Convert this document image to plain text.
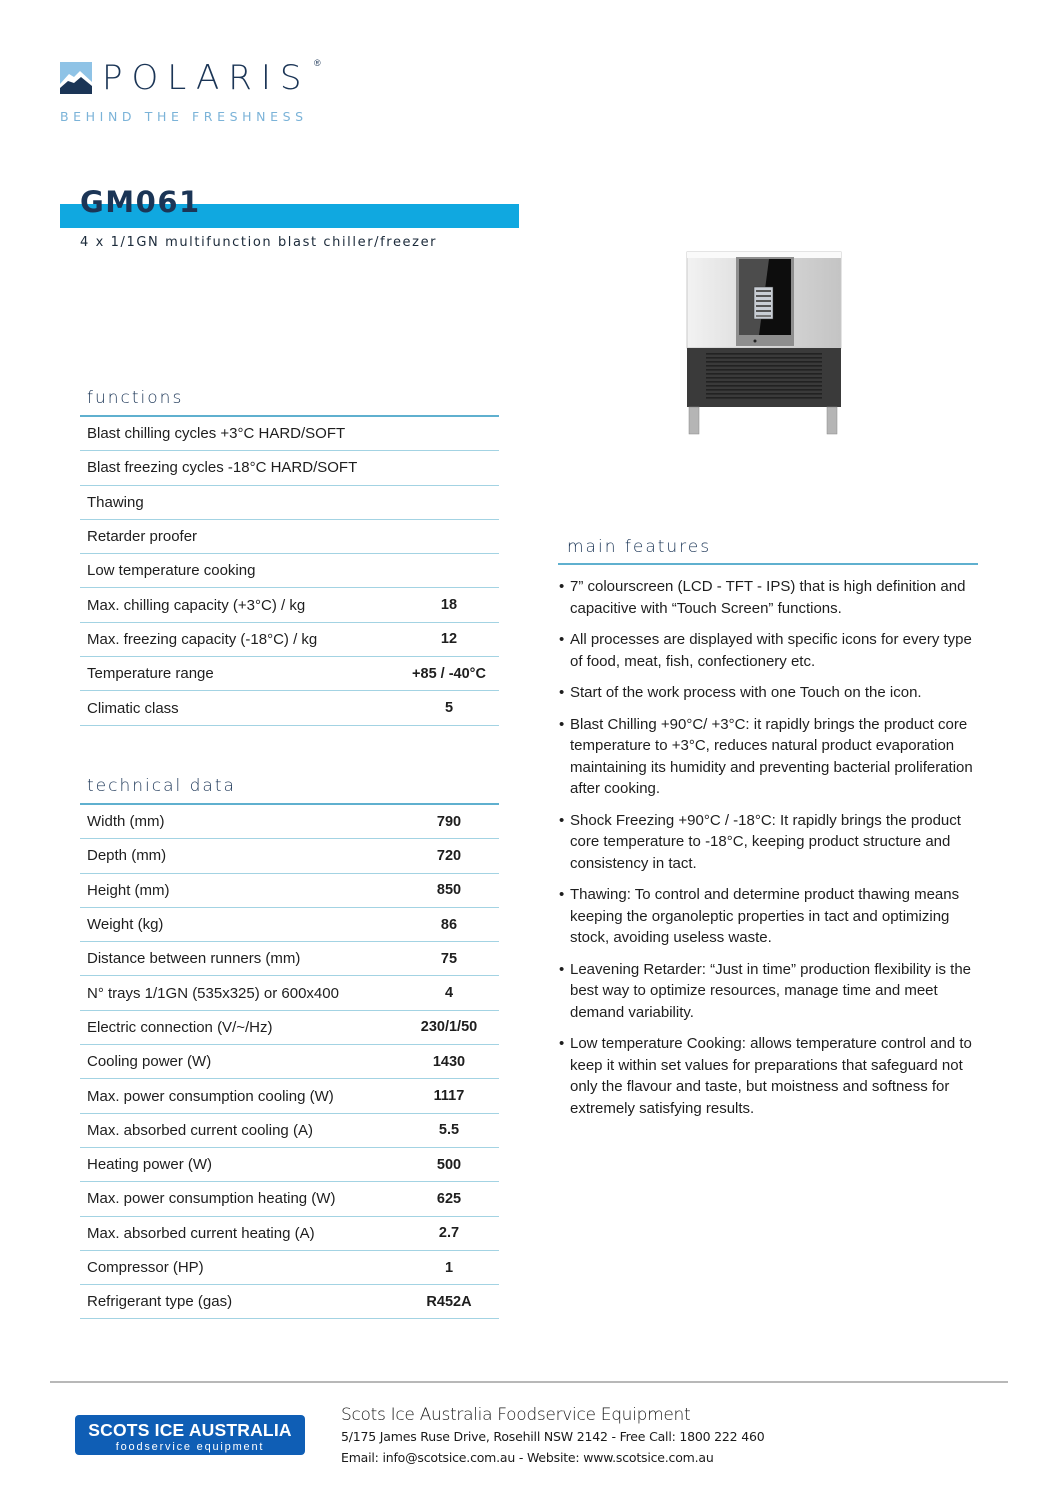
POLARIS ®
BEHIND THE FRESHNESS
GM061
4 x 1/1GN multifunction blast chiller/freezer
functions
Blast chilling cycles +3°C HARD/SOFT
Blast freezing cycles -18°C HARD/SOFT
Thawing
Retarder proofer
Low temperature cooking
Max. chilling capacity (+3°C) / kg	18
Max. freezing capacity (-18°C) / kg	12
Temperature range	+85 / -40°C
Climatic class	5
technical data
Width (mm)	790
Depth (mm)	720
Height (mm)	850
Weight (kg)	86
Distance between runners (mm)	75
N° trays 1/1GN (535x325) or 600x400	4
Electric connection (V/~/Hz)	230/1/50
Cooling power (W)	1430
Max. power consumption cooling (W)	1117
Max. absorbed current cooling (A)	5.5
Heating power (W)	500
Max. power consumption heating (W)	625
Max. absorbed current heating (A)	2.7
Compressor (HP)	1
Refrigerant type (gas)	R452A
main features
• 7” colourscreen (LCD - TFT - IPS) that is high definition and capacitive with “Touch Screen” functions.
• All processes are displayed with specific icons for every type of food, meat, fish, confectionery etc.
• Start of the work process with one Touch on the icon.
• Blast Chilling +90°C/ +3°C: it rapidly brings the product core temperature to +3°C, reduces natural product evaporation maintaining its humidity and preventing bacterial proliferation after cooking.
• Shock Freezing +90°C / -18°C: It rapidly brings the product core temperature to -18°C, keeping product structure and consistency in tact.
• Thawing: To control and determine product thawing means keeping the organoleptic properties in tact and optimizing stock, avoiding useless waste.
• Leavening Retarder: “Just in time” production flexibility is the best way to optimize resources, manage time and meet demand variability.
• Low temperature Cooking: allows temperature control and to keep it within set values for preparations that safeguard not only the flavour and taste, but moistness and softness for extremely satisfying results.
SCOTS ICE AUSTRALIA
foodservice equipment
Scots Ice Australia Foodservice Equipment
5/175 James Ruse Drive, Rosehill NSW 2142 - Free Call: 1800 222 460
Email: info@scotsice.com.au - Website: www.scotsice.com.au
